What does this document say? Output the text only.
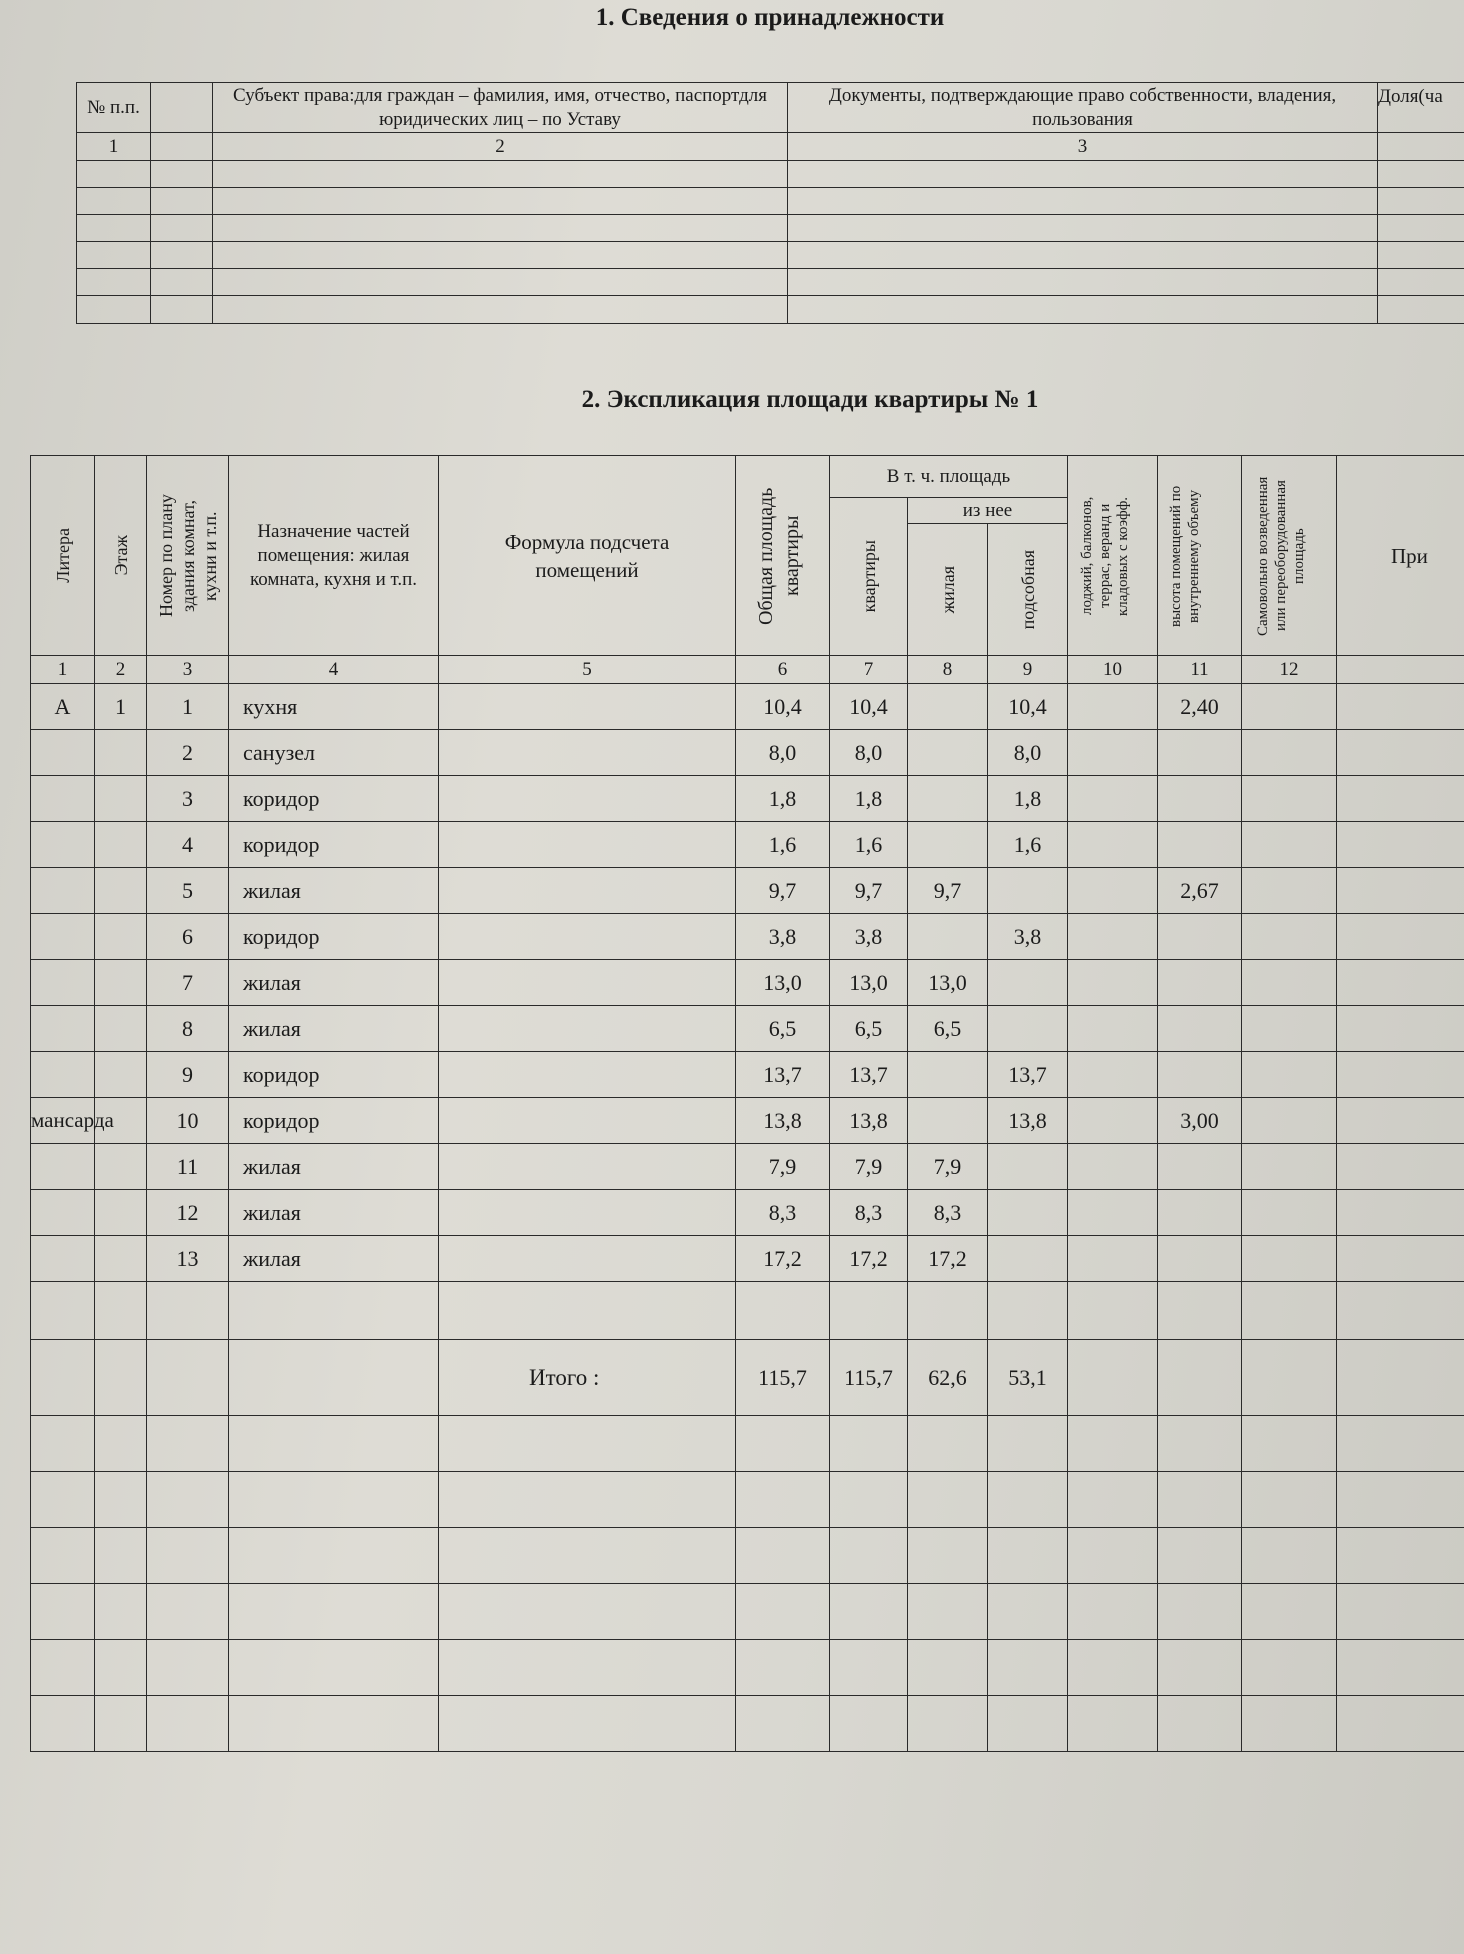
1. Сведения о принадлежности
№ п.п.		Субъект права:для граждан – фамилия, имя, отчество, паспортдля юридических лиц – по Уставу	Документы, подтверждающие право собственности, владения, пользования	Доля(ча
1		2	3	

2. Экспликация площади квартиры № 1
Литера	Этаж	Номер по плану здания комнат, кухни и т.п.	Назначение частей помещения: жилая комната, кухня и т.п.	Формула подсчета помещений	Общая площадь квартиры	В т. ч. площадь			лоджий, балконов, террас, веранд и кладовых с коэфф.	высота помещений по внутреннему объему	Самовольно возведенная или переоборудованная площадь	При

						квартиры	из нее					

							жилая	подсобная				

1	2	3	4	5	6	7	8	9	10	11	12	
А	1	1	кухня		10,4	10,4		10,4		2,40		
		2	санузел		8,0	8,0		8,0				
		3	коридор		1,8	1,8		1,8				
		4	коридор		1,6	1,6		1,6				
		5	жилая		9,7	9,7	9,7			2,67		
		6	коридор		3,8	3,8		3,8				
		7	жилая		13,0	13,0	13,0					
		8	жилая		6,5	6,5	6,5					
		9	коридор		13,7	13,7		13,7				
мансарда		10	коридор		13,8	13,8		13,8		3,00		
		11	жилая		7,9	7,9	7,9					
		12	жилая		8,3	8,3	8,3					
		13	жилая		17,2	17,2	17,2					

				Итого :	115,7	115,7	62,6	53,1				
